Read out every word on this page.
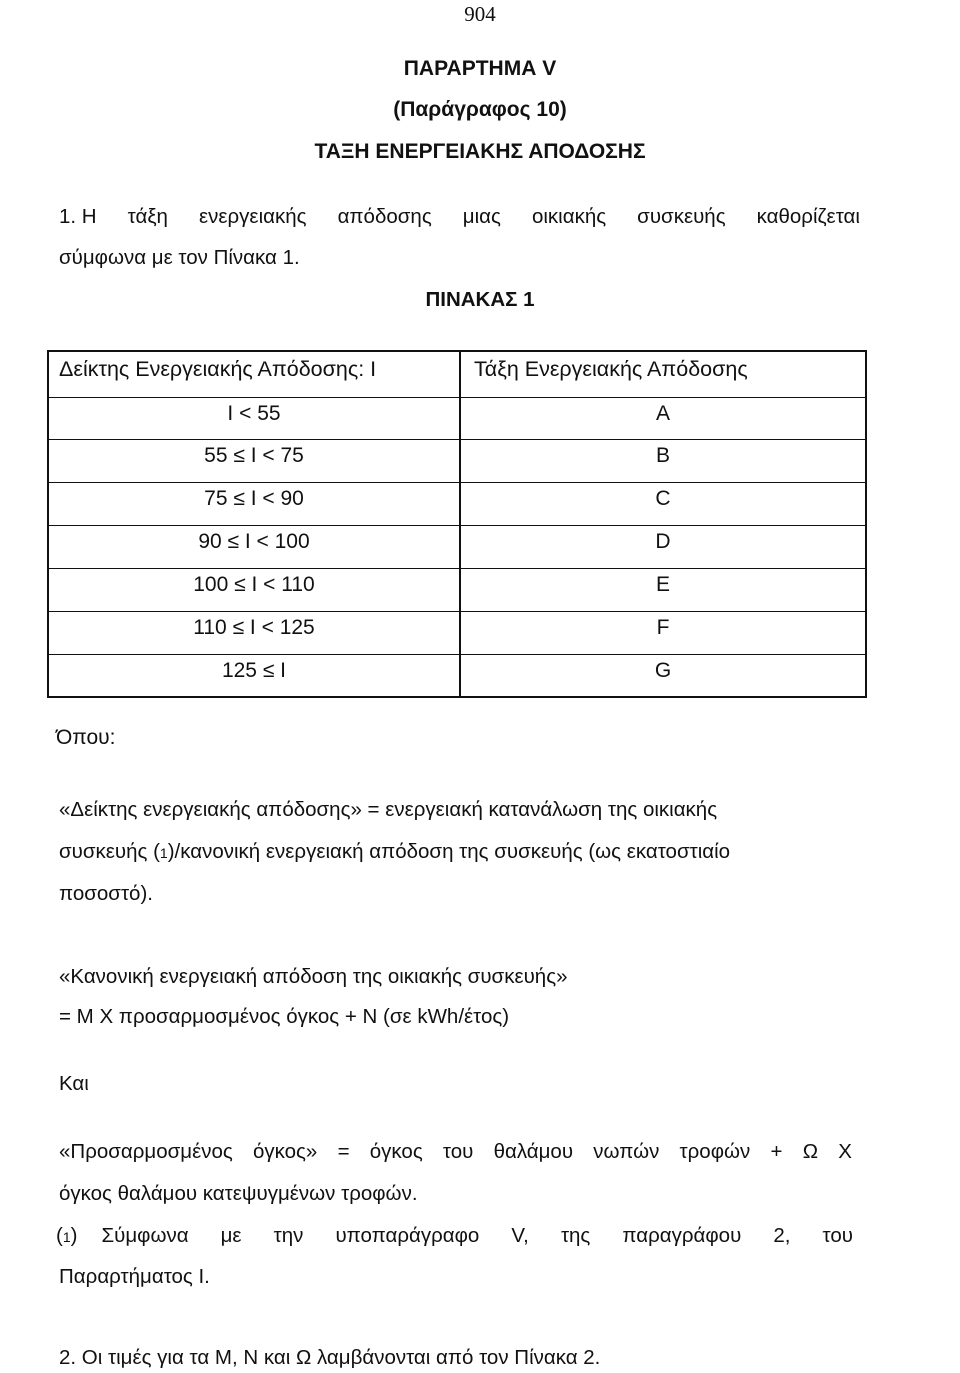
904
ΠΑΡΑΡΤΗΜΑ V
(Παράγραφος 10)
ΤΑΞΗ ΕΝΕΡΓΕΙΑΚΗΣ ΑΠΟΔΟΣΗΣ
1. Η τάξη ενεργειακής απόδοσης μιας οικιακής συσκευής καθορίζεται
σύμφωνα με τον Πίνακα 1.
ΠΙΝΑΚΑΣ 1
Δείκτης Ενεργειακής Απόδοσης: Ι	Τάξη Ενεργειακής Απόδοσης
Ι < 55	A
55 ≤ Ι < 75	B
75 ≤ Ι < 90	C
90 ≤ Ι < 100	D
100 ≤ Ι < 110	E
110 ≤ Ι < 125	F
125 ≤ Ι	G
Όπου:
«Δείκτης ενεργειακής απόδοσης» = ενεργειακή κατανάλωση της οικιακής
συσκευής (1)/κανονική ενεργειακή απόδοση της συσκευής (ως εκατοστιαίο
ποσοστό).
«Κανονική ενεργειακή απόδοση της οικιακής συσκευής»
= Μ Χ προσαρμοσμένος όγκος + Ν (σε kWh/έτος)
Και
«Προσαρμοσμένος όγκος» = όγκος του θαλάμου νωπών τροφών + Ω Χ
όγκος θαλάμου κατεψυγμένων τροφών.
(1) Σύμφωνα με την υποπαράγραφο V, της παραγράφου 2, του
Παραρτήματος Ι.
2. Οι τιμές για τα Μ, Ν και Ω λαμβάνονται από τον Πίνακα 2.
